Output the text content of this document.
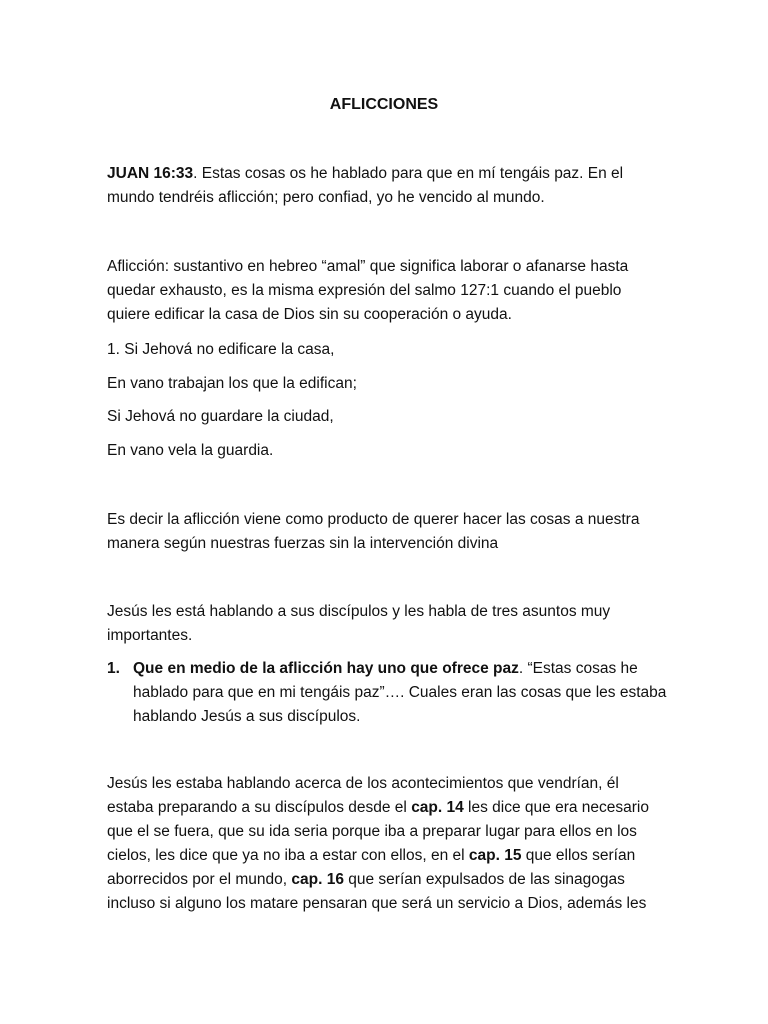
AFLICCIONES

JUAN 16:33. Estas cosas os he hablado para que en mí tengáis paz. En el mundo tendréis aflicción; pero confiad, yo he vencido al mundo.

Aflicción: sustantivo en hebreo “amal” que significa laborar o afanarse hasta quedar exhausto, es la misma expresión del salmo 127:1 cuando el pueblo quiere edificar la casa de Dios sin su cooperación o ayuda.

1. Si Jehová no edificare la casa,

En vano trabajan los que la edifican;

Si Jehová no guardare la ciudad,

En vano vela la guardia.

Es decir la aflicción viene como producto de querer hacer las cosas a nuestra manera según nuestras fuerzas sin la intervención divina

Jesús les está hablando a sus discípulos y les habla de tres asuntos muy importantes.

1. Que en medio de la aflicción hay uno que ofrece paz. “Estas cosas he hablado para que en mi tengáis paz”…. Cuales eran las cosas que les estaba hablando Jesús a sus discípulos.

Jesús les estaba hablando acerca de los acontecimientos que vendrían, él estaba preparando a su discípulos desde el cap. 14 les dice que era necesario que el se fuera, que su ida seria porque iba a preparar lugar para ellos en los cielos, les dice que ya no iba a estar con ellos, en el cap. 15 que ellos serían aborrecidos por el mundo, cap. 16 que serían expulsados de las sinagogas incluso si alguno los matare pensaran que será un servicio a Dios, además les
